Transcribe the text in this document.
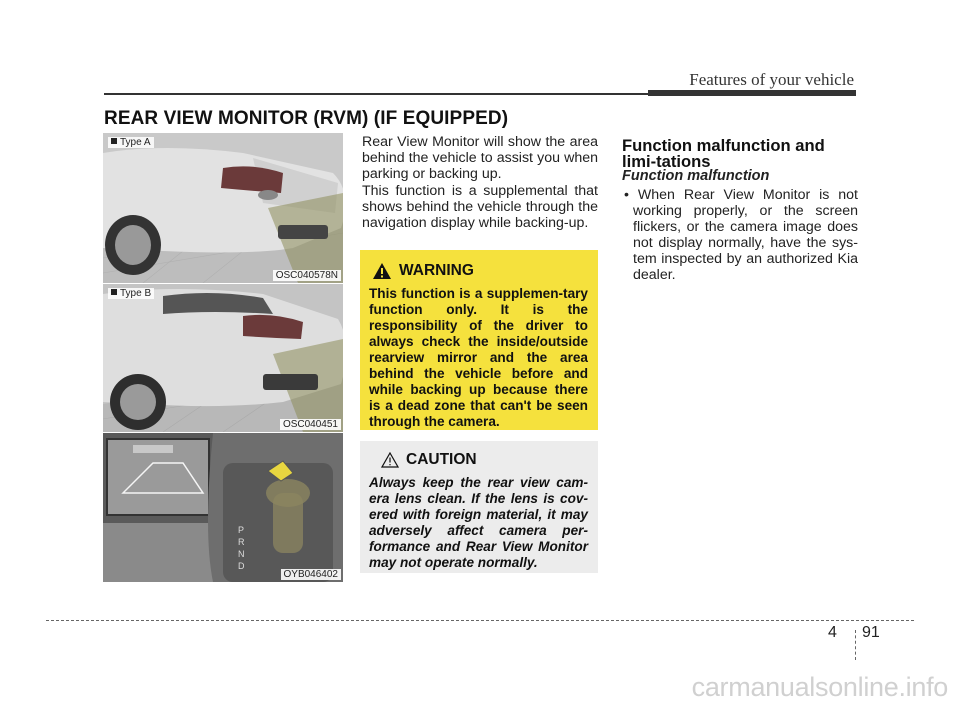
Features of your vehicle
REAR VIEW MONITOR (RVM) (IF EQUIPPED)
Type A
OSC040578N
Type B
OSC040451
P
R
N
D
OYB046402
Rear View Monitor will show the area behind the vehicle to assist you when parking or backing up.
This function is a supplemental that shows behind the vehicle through the navigation display while backing-up.
WARNING
This function is a supplemen-tary function only. It is the responsibility of the driver to always check the inside/outside rearview mirror and the area behind the vehicle before and while backing up because there is a dead zone that can't be seen through the camera.
CAUTION
Always keep the rear view cam-era lens clean. If the lens is cov-ered with foreign material, it may adversely affect camera per-formance and Rear View Monitor may not operate normally.
Function malfunction and limi-tations
Function malfunction
• When Rear View Monitor is not working properly, or the screen flickers, or the camera image does not display normally, have the sys-tem inspected by an authorized Kia dealer.
4 91
carmanualsonline.info
